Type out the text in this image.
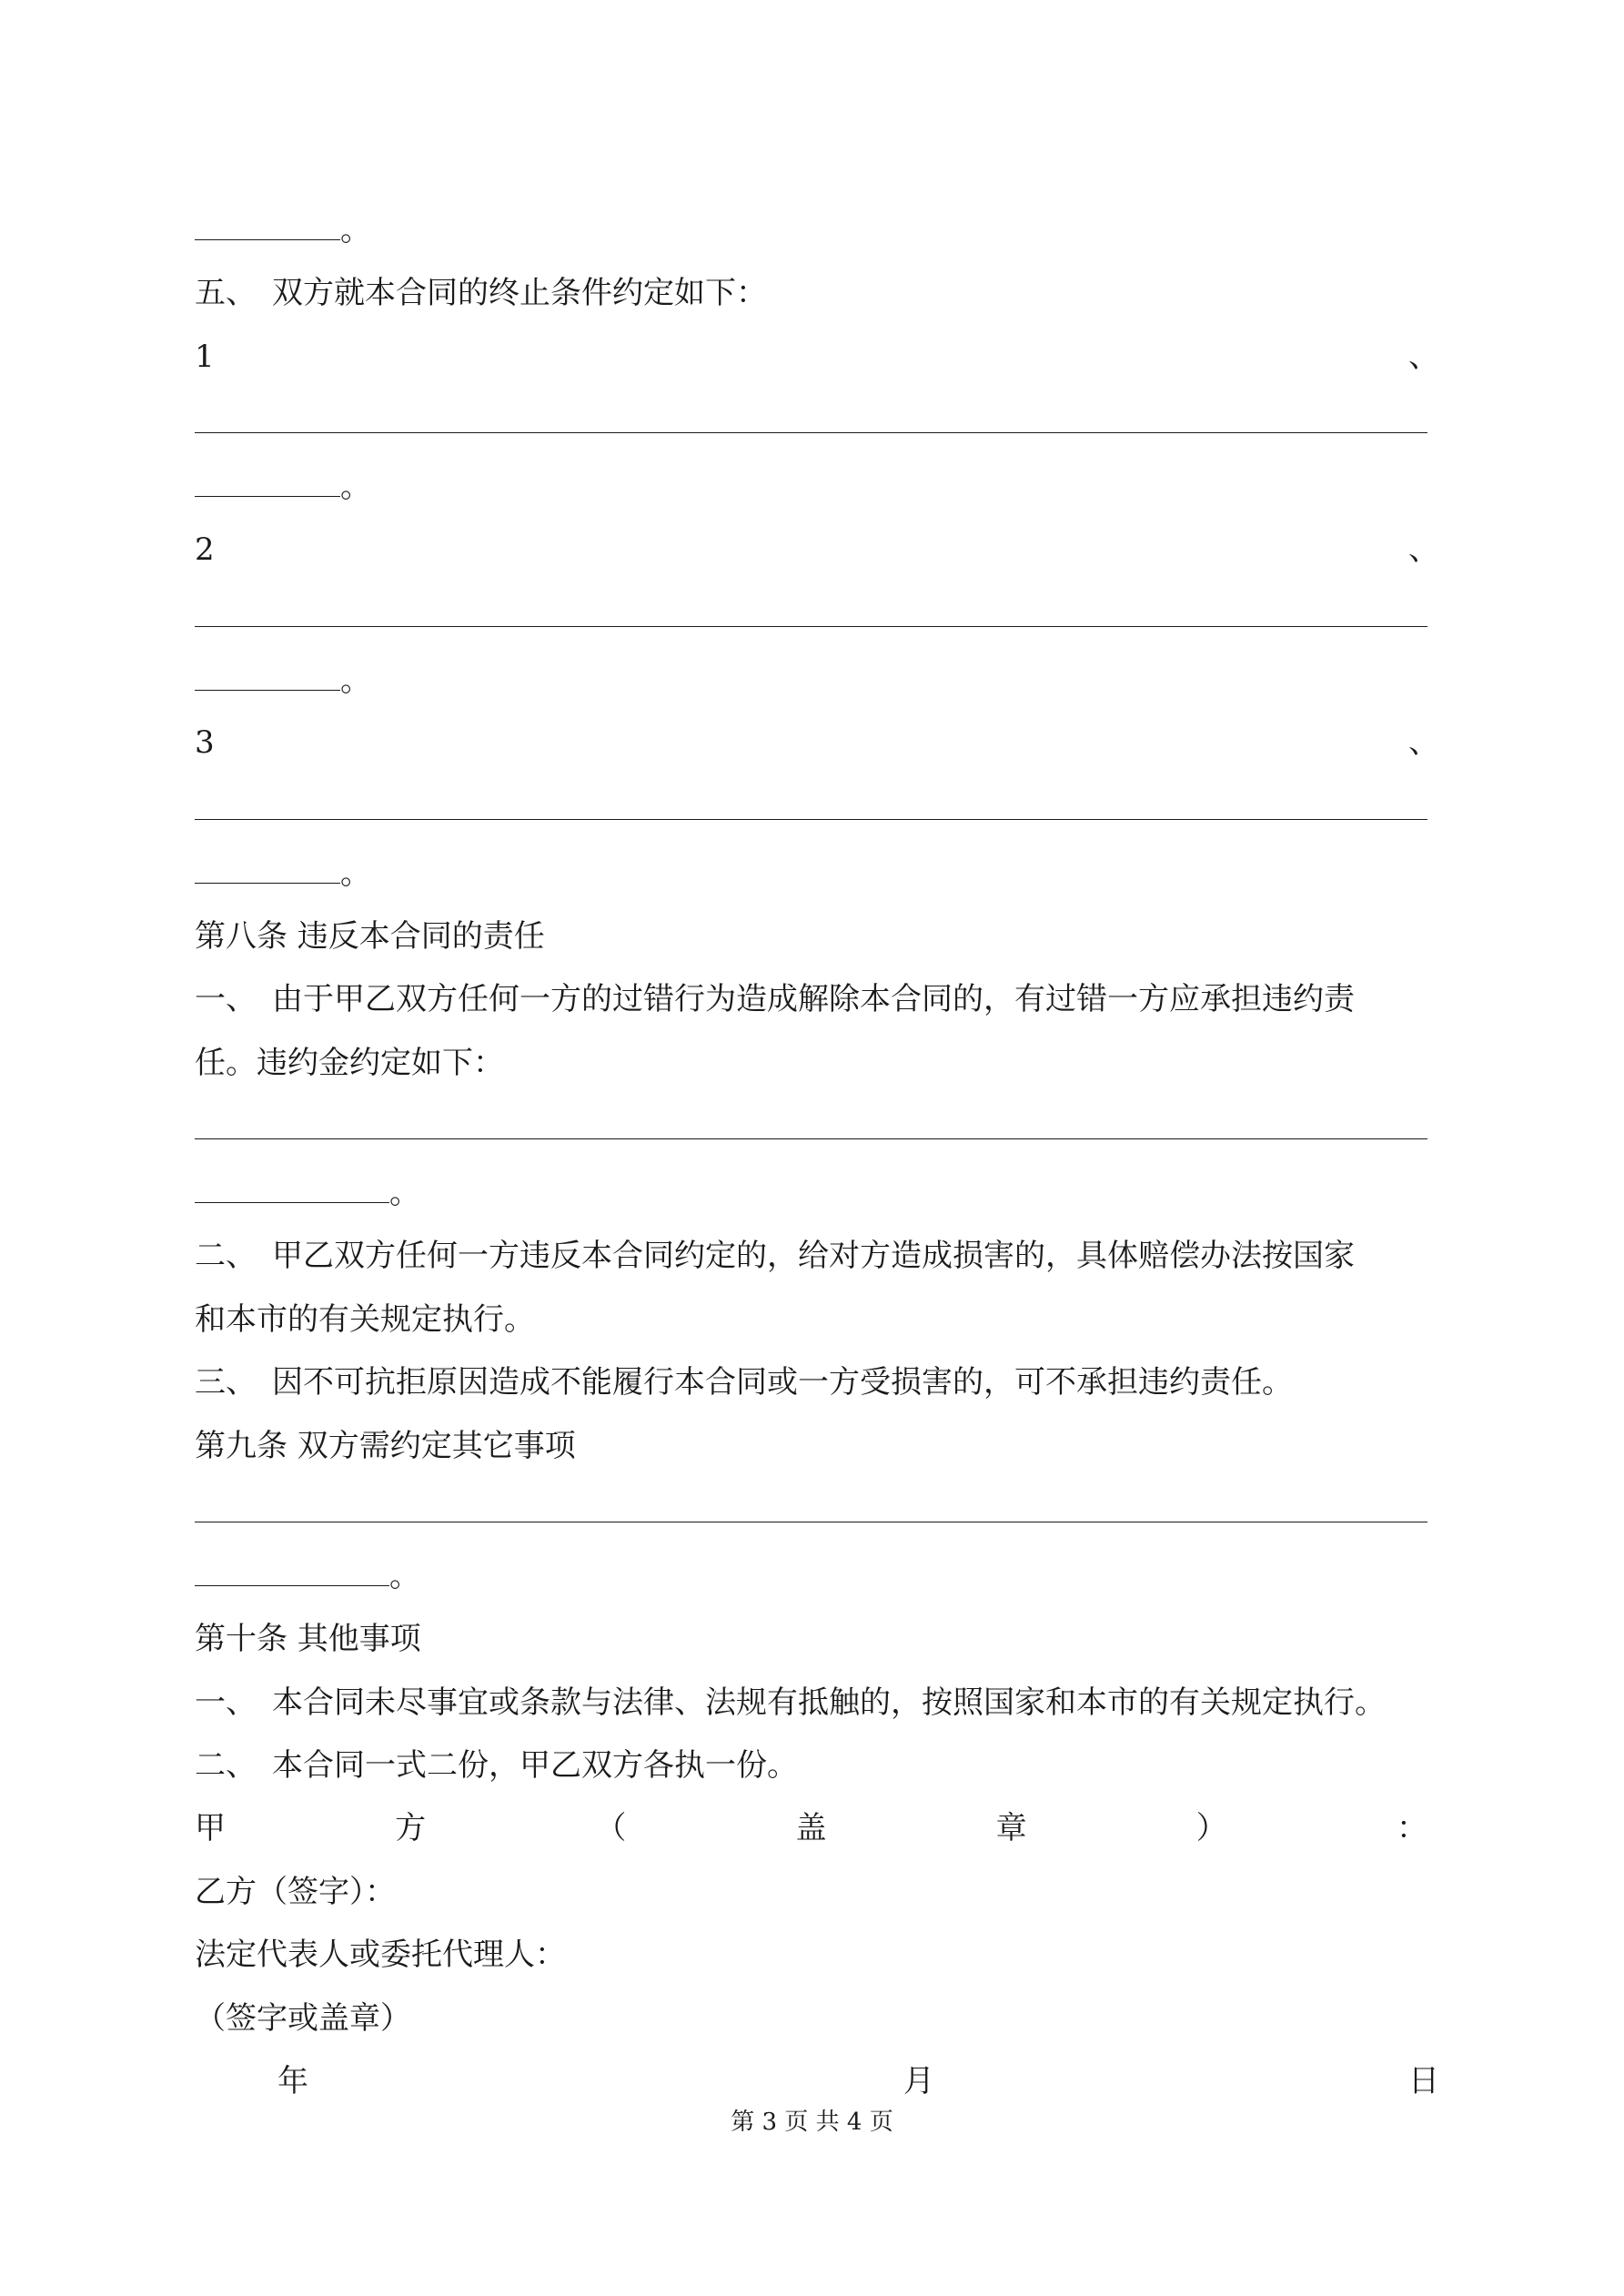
。
五、　双方就本合同的终止条件约定如下：
1	、
。
2	、
。
3	、
。
第八条 违反本合同的责任
一、　由于甲乙双方任何一方的过错行为造成解除本合同的，有过错一方应承担违约责
任。违约金约定如下：
。
二、　甲乙双方任何一方违反本合同约定的，给对方造成损害的，具体赔偿办法按国家
和本市的有关规定执行。
三、　因不可抗拒原因造成不能履行本合同或一方受损害的，可不承担违约责任。
第九条 双方需约定其它事项
。
第十条 其他事项
一、　本合同未尽事宜或条款与法律、法规有抵触的，按照国家和本市的有关规定执行。
二、　本合同一式二份，甲乙双方各执一份。
甲	方	（	盖	章	）	：
乙方（签字）：
法定代表人或委托代理人：
（签字或盖章）
年	月	日
第 3 页 共 4 页
